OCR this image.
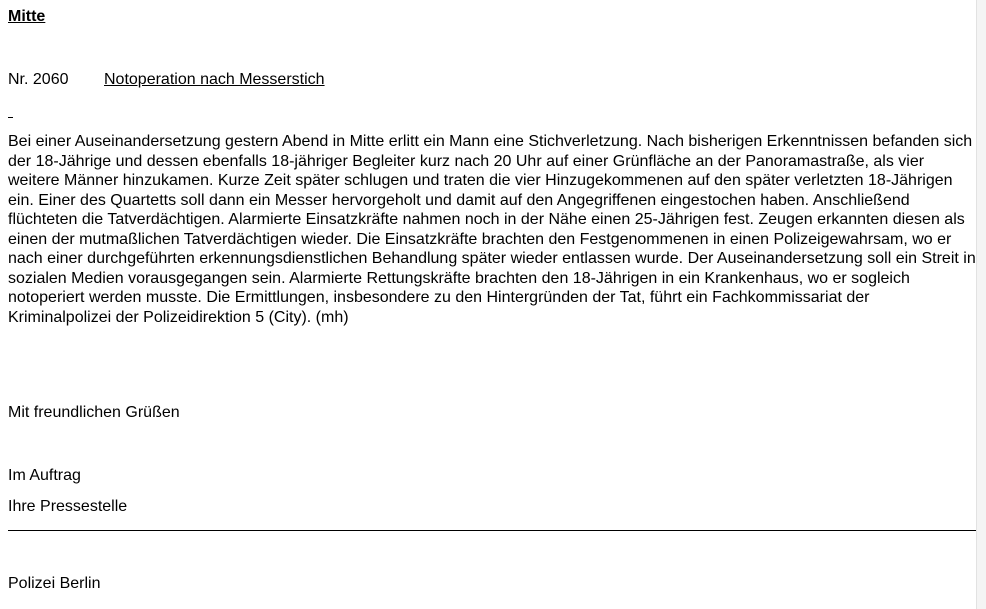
Mitte
Nr. 2060 Notoperation nach Messerstich

Bei einer Auseinandersetzung gestern Abend in Mitte erlitt ein Mann eine Stichverletzung. Nach bisherigen Erkenntnissen befanden sich der 18-Jährige und dessen ebenfalls 18-jähriger Begleiter kurz nach 20 Uhr auf einer Grünfläche an der Panoramastraße, als vier weitere Männer hinzukamen. Kurze Zeit später schlugen und traten die vier Hinzugekommenen auf den später verletzten 18-Jährigen ein. Einer des Quartetts soll dann ein Messer hervorgeholt und damit auf den Angegriffenen eingestochen haben. Anschließend flüchteten die Tatverdächtigen. Alarmierte Einsatzkräfte nahmen noch in der Nähe einen 25-Jährigen fest. Zeugen erkannten diesen als einen der mutmaßlichen Tatverdächtigen wieder. Die Einsatzkräfte brachten den Festgenommenen in einen Polizeigewahrsam, wo er nach einer durchgeführten erkennungsdienstlichen Behandlung später wieder entlassen wurde. Der Auseinandersetzung soll ein Streit in sozialen Medien vorausgegangen sein. Alarmierte Rettungskräfte brachten den 18-Jährigen in ein Krankenhaus, wo er sogleich notoperiert werden musste. Die Ermittlungen, insbesondere zu den Hintergründen der Tat, führt ein Fachkommissariat der Kriminalpolizei der Polizeidirektion 5 (City). (mh)

Mit freundlichen Grüßen
Im Auftrag
Ihre Pressestelle
Polizei Berlin
